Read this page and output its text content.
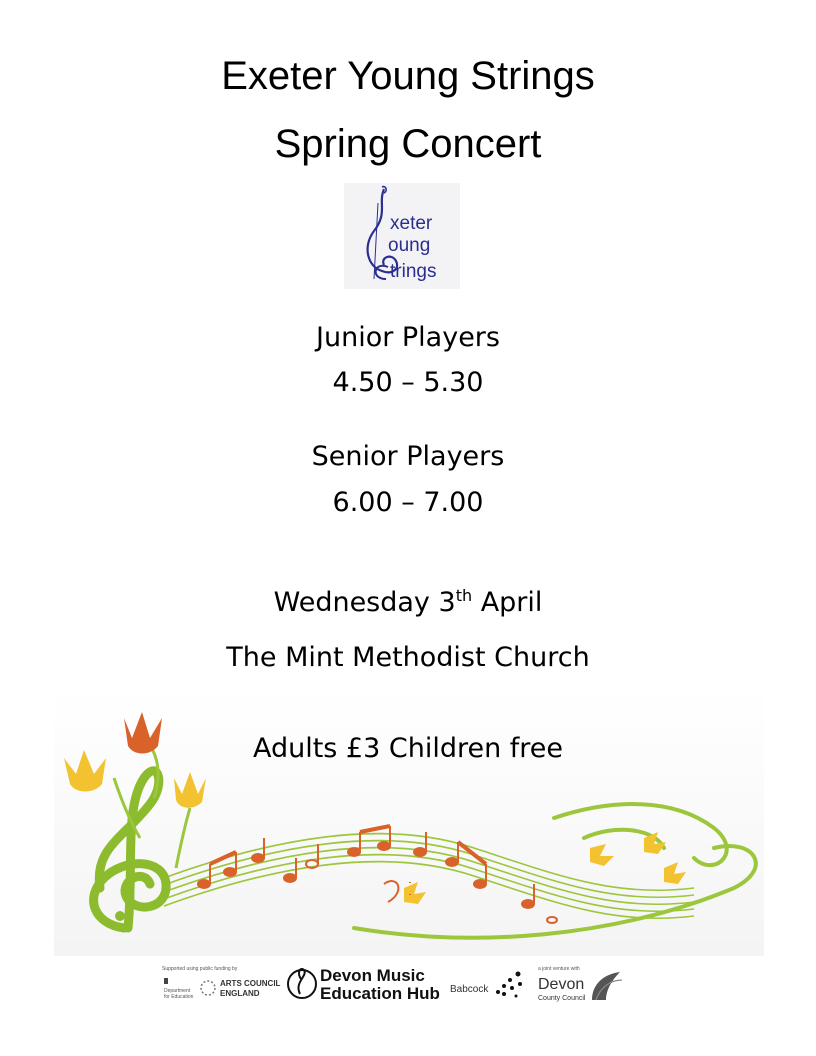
Exeter Young Strings
Spring Concert
xeter
oung
trings
Junior Players
4.50 – 5.30
Senior Players
6.00 – 7.00
Wednesday 3th April
The Mint Methodist Church
Adults £3 Children free
Supported using public funding by
Department
for Education
ARTS COUNCIL
ENGLAND
Devon Music
Education Hub Babcock
a joint venture with
Devon
County Council
